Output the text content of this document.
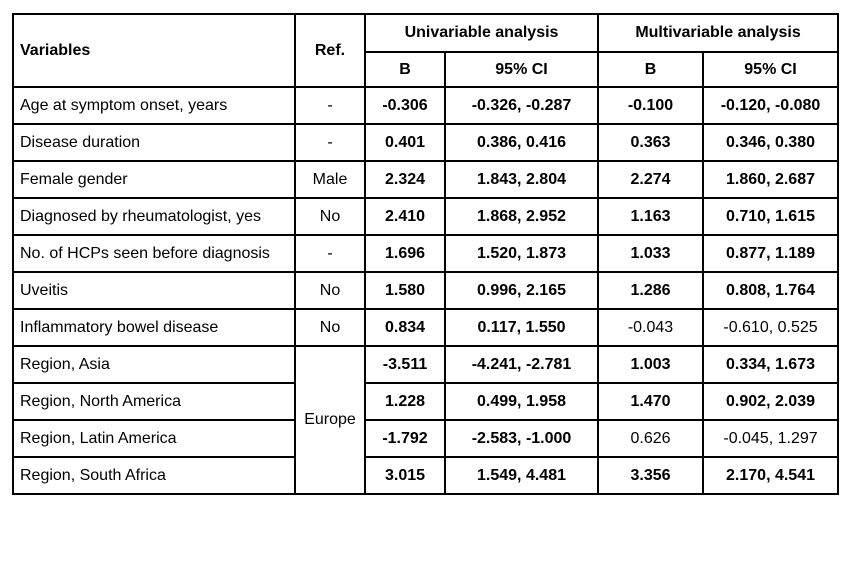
Variables	Ref.	Univariable analysis		Multivariable analysis	
		B	95% CI	B	95% CI
Age at symptom onset, years	-	-0.306	-0.326, -0.287	-0.100	-0.120, -0.080
Disease duration	-	0.401	0.386, 0.416	0.363	0.346, 0.380
Female gender	Male	2.324	1.843, 2.804	2.274	1.860, 2.687
Diagnosed by rheumatologist, yes	No	2.410	1.868, 2.952	1.163	0.710, 1.615
No. of HCPs seen before diagnosis	-	1.696	1.520, 1.873	1.033	0.877, 1.189
Uveitis	No	1.580	0.996, 2.165	1.286	0.808, 1.764
Inflammatory bowel disease	No	0.834	0.117, 1.550	-0.043	-0.610, 0.525
Region, Asia	Europe	-3.511	-4.241, -2.781	1.003	0.334, 1.673
Region, North America		1.228	0.499, 1.958	1.470	0.902, 2.039
Region, Latin America		-1.792	-2.583, -1.000	0.626	-0.045, 1.297
Region, South Africa		3.015	1.549, 4.481	3.356	2.170, 4.541
